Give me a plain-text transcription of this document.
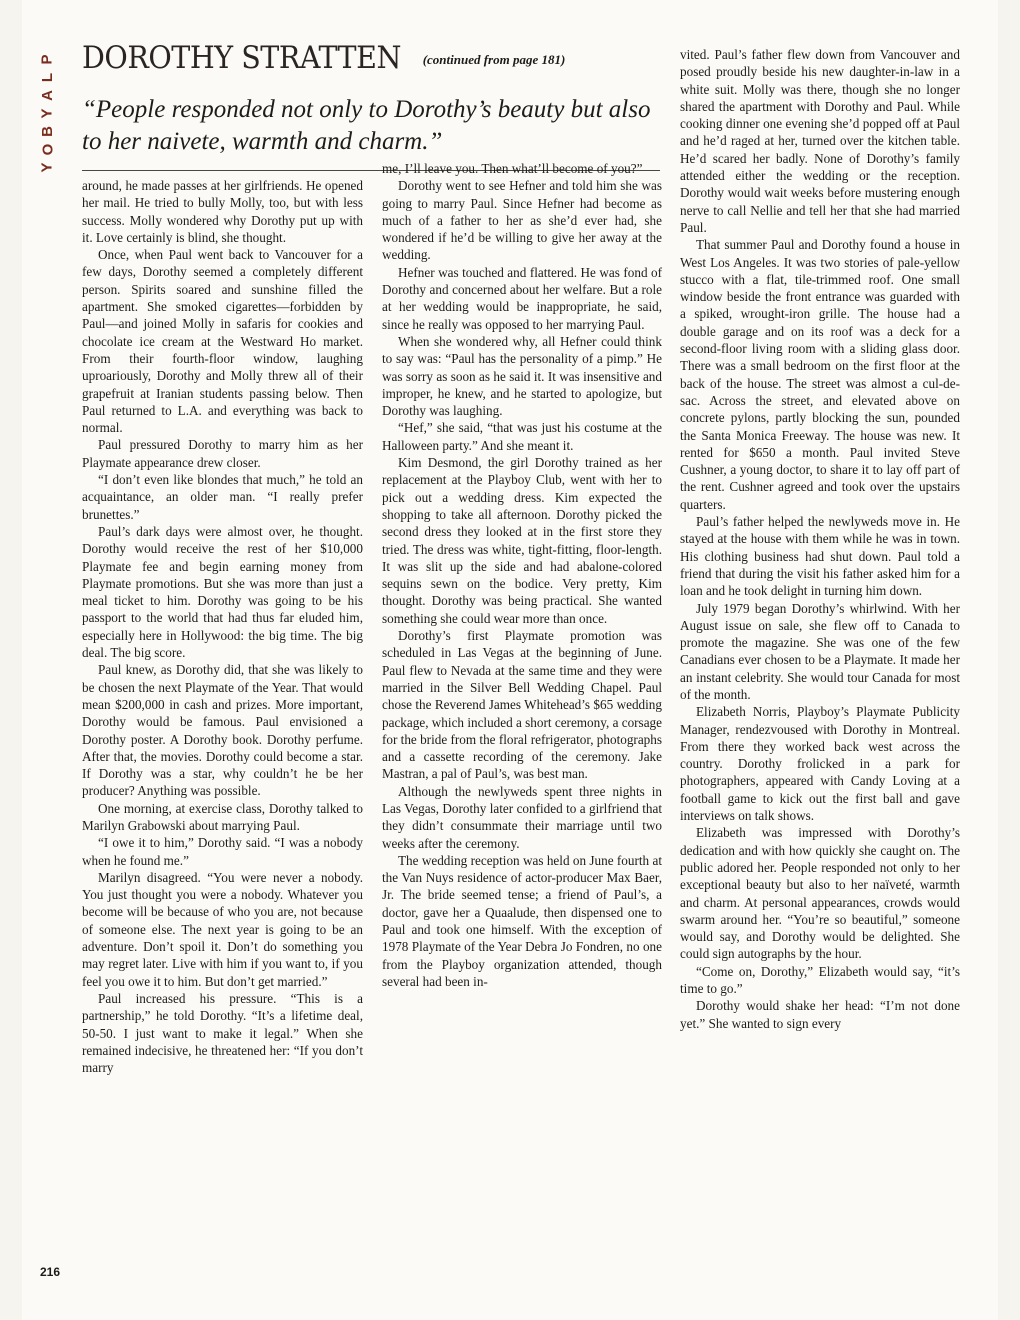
P
L
A
Y
B
O
Y
DOROTHY STRATTEN $^{(continued from page 181)}$
“People responded not only to Dorothy’s beauty but also to her naivete, warmth and charm.”

around, he made passes at her girlfriends. He opened her mail. He tried to bully Molly, too, but with less success. Molly wondered why Dorothy put up with it. Love certainly is blind, she thought.

Once, when Paul went back to Vancouver for a few days, Dorothy seemed a completely different person. Spirits soared and sunshine filled the apartment. She smoked cigarettes—forbidden by Paul—and joined Molly in safaris for cookies and chocolate ice cream at the Westward Ho market. From their fourth-floor window, laughing uproariously, Dorothy and Molly threw all of their grapefruit at Iranian students passing below. Then Paul returned to L.A. and everything was back to normal.

Paul pressured Dorothy to marry him as her Playmate appearance drew closer.

“I don’t even like blondes that much,” he told an acquaintance, an older man. “I really prefer brunettes.”

Paul’s dark days were almost over, he thought. Dorothy would receive the rest of her $10,000 Playmate fee and begin earning money from Playmate promotions. But she was more than just a meal ticket to him. Dorothy was going to be his passport to the world that had thus far eluded him, especially here in Hollywood: the big time. The big deal. The big score.

Paul knew, as Dorothy did, that she was likely to be chosen the next Playmate of the Year. That would mean $200,000 in cash and prizes. More important, Dorothy would be famous. Paul envisioned a Dorothy poster. A Dorothy book. Dorothy perfume. After that, the movies. Dorothy could become a star. If Dorothy was a star, why couldn’t he be her producer? Anything was possible.

One morning, at exercise class, Dorothy talked to Marilyn Grabowski about marrying Paul.

“I owe it to him,” Dorothy said. “I was a nobody when he found me.”

Marilyn disagreed. “You were never a nobody. You just thought you were a nobody. Whatever you become will be because of who you are, not because of someone else. The next year is going to be an adventure. Don’t spoil it. Don’t do something you may regret later. Live with him if you want to, if you feel you owe it to him. But don’t get married.”

Paul increased his pressure. “This is a partnership,” he told Dorothy. “It’s a lifetime deal, 50-50. I just want to make it legal.” When she remained indecisive, he threatened her: “If you don’t marry

me, I’ll leave you. Then what’ll become of you?”

Dorothy went to see Hefner and told him she was going to marry Paul. Since Hefner had become as much of a father to her as she’d ever had, she wondered if he’d be willing to give her away at the wedding.

Hefner was touched and flattered. He was fond of Dorothy and concerned about her welfare. But a role at her wedding would be inappropriate, he said, since he really was opposed to her marrying Paul.

When she wondered why, all Hefner could think to say was: “Paul has the personality of a pimp.” He was sorry as soon as he said it. It was insensitive and improper, he knew, and he started to apologize, but Dorothy was laughing.

“Hef,” she said, “that was just his costume at the Halloween party.” And she meant it.

Kim Desmond, the girl Dorothy trained as her replacement at the Playboy Club, went with her to pick out a wedding dress. Kim expected the shopping to take all afternoon. Dorothy picked the second dress they looked at in the first store they tried. The dress was white, tight-fitting, floor-length. It was slit up the side and had abalone-colored sequins sewn on the bodice. Very pretty, Kim thought. Dorothy was being practical. She wanted something she could wear more than once.

Dorothy’s first Playmate promotion was scheduled in Las Vegas at the beginning of June. Paul flew to Nevada at the same time and they were married in the Silver Bell Wedding Chapel. Paul chose the Reverend James Whitehead’s $65 wedding package, which included a short ceremony, a corsage for the bride from the floral refrigerator, photographs and a cassette recording of the ceremony. Jake Mastran, a pal of Paul’s, was best man.

Although the newlyweds spent three nights in Las Vegas, Dorothy later confided to a girlfriend that they didn’t consummate their marriage until two weeks after the ceremony.

The wedding reception was held on June fourth at the Van Nuys residence of actor-producer Max Baer, Jr. The bride seemed tense; a friend of Paul’s, a doctor, gave her a Quaalude, then dispensed one to Paul and took one himself. With the exception of 1978 Playmate of the Year Debra Jo Fondren, no one from the Playboy organization attended, though several had been in-

vited. Paul’s father flew down from Vancouver and posed proudly beside his new daughter-in-law in a white suit. Molly was there, though she no longer shared the apartment with Dorothy and Paul. While cooking dinner one evening she’d popped off at Paul and he’d raged at her, turned over the kitchen table. He’d scared her badly. None of Dorothy’s family attended either the wedding or the reception. Dorothy would wait weeks before mustering enough nerve to call Nellie and tell her that she had married Paul.

That summer Paul and Dorothy found a house in West Los Angeles. It was two stories of pale-yellow stucco with a flat, tile-trimmed roof. One small window beside the front entrance was guarded with a spiked, wrought-iron grille. The house had a double garage and on its roof was a deck for a second-floor living room with a sliding glass door. There was a small bedroom on the first floor at the back of the house. The street was almost a cul-de-sac. Across the street, and elevated above on concrete pylons, partly blocking the sun, pounded the Santa Monica Freeway. The house was new. It rented for $650 a month. Paul invited Steve Cushner, a young doctor, to share it to lay off part of the rent. Cushner agreed and took over the upstairs quarters.

Paul’s father helped the newlyweds move in. He stayed at the house with them while he was in town. His clothing business had shut down. Paul told a friend that during the visit his father asked him for a loan and he took delight in turning him down.

July 1979 began Dorothy’s whirlwind. With her August issue on sale, she flew off to Canada to promote the magazine. She was one of the few Canadians ever chosen to be a Playmate. It made her an instant celebrity. She would tour Canada for most of the month.

Elizabeth Norris, Playboy’s Playmate Publicity Manager, rendezvoused with Dorothy in Montreal. From there they worked back west across the country. Dorothy frolicked in a park for photographers, appeared with Candy Loving at a football game to kick out the first ball and gave interviews on talk shows.

Elizabeth was impressed with Dorothy’s dedication and with how quickly she caught on. The public adored her. People responded not only to her exceptional beauty but also to her naïveté, warmth and charm. At personal appearances, crowds would swarm around her. “You’re so beautiful,” someone would say, and Dorothy would be delighted. She could sign autographs by the hour.

“Come on, Dorothy,” Elizabeth would say, “it’s time to go.”

Dorothy would shake her head: “I’m not done yet.” She wanted to sign every

216
